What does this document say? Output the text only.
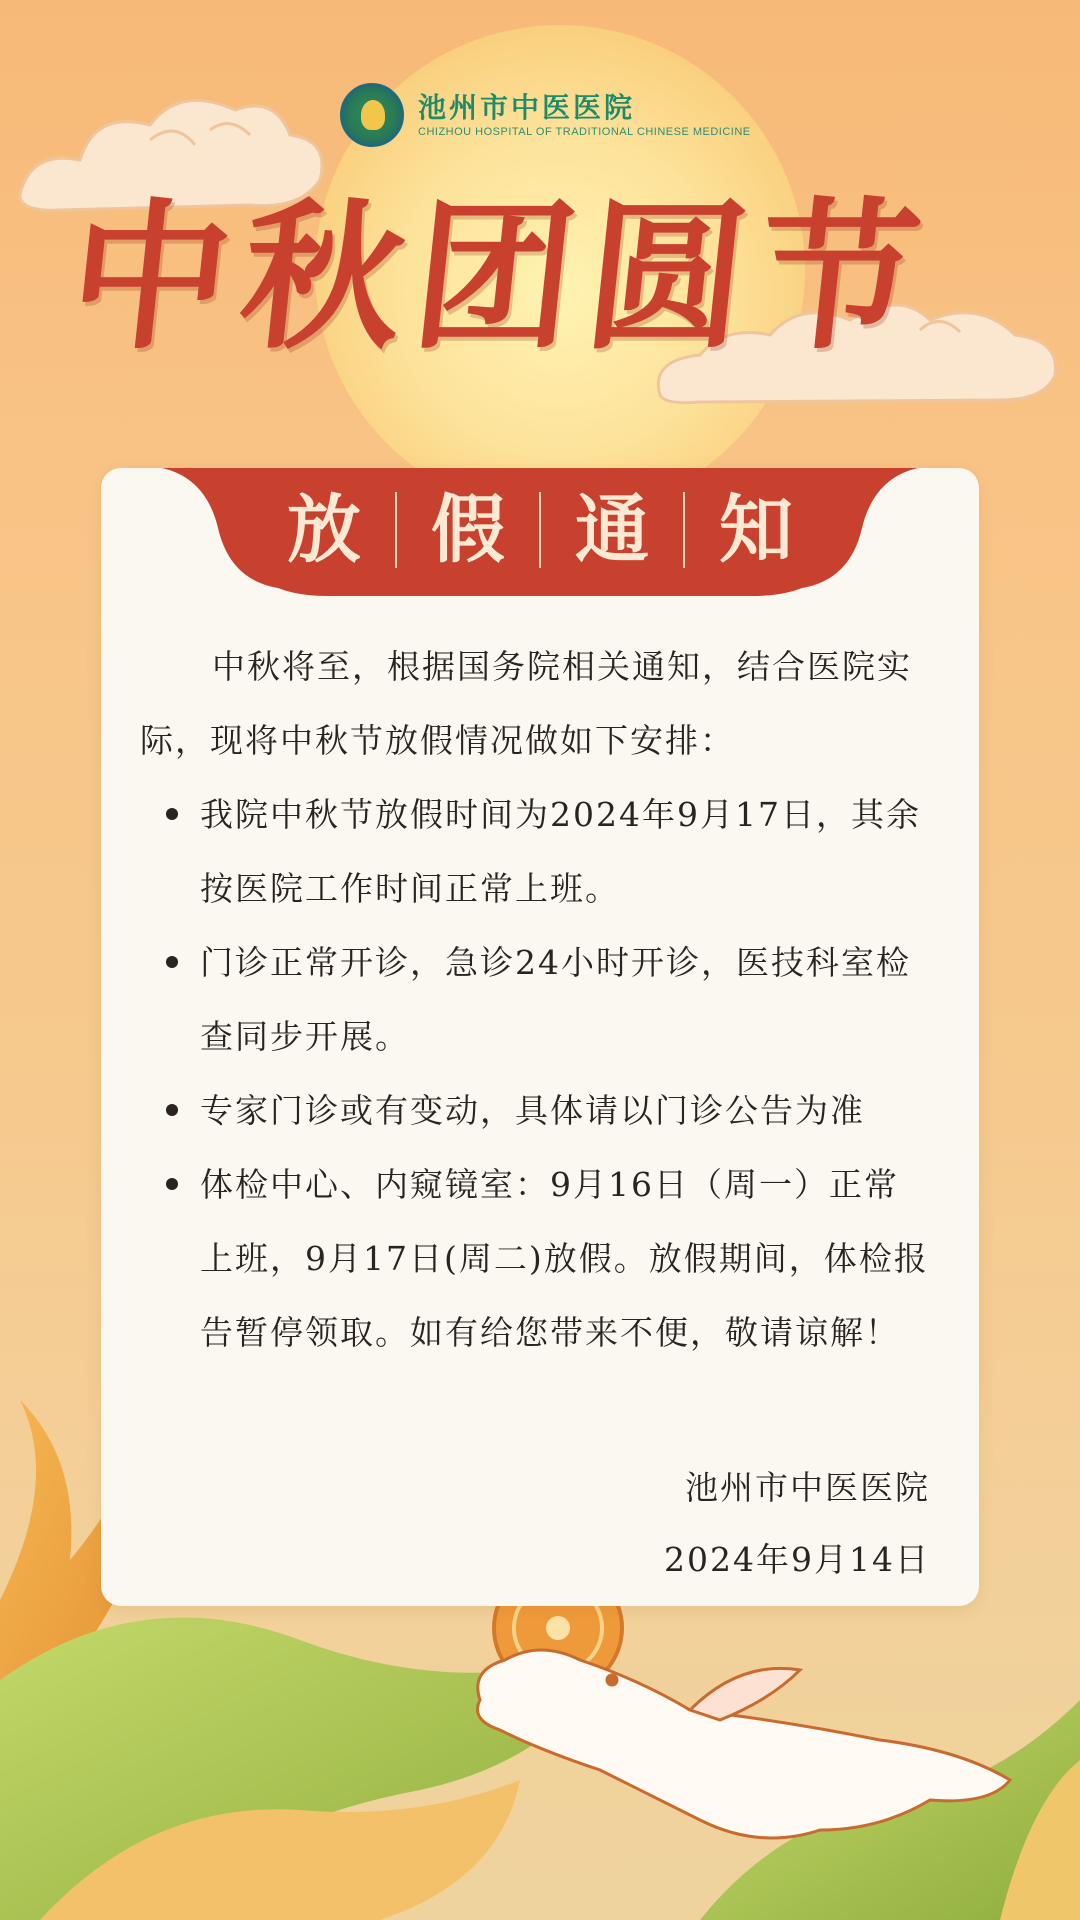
池州市中医医院
CHIZHOU HOSPITAL OF TRADITIONAL CHINESE MEDICINE
中秋团圆节
放 假 通 知

中秋将至，根据国务院相关通知，结合医院实际，现将中秋节放假情况做如下安排：

我院中秋节放假时间为2024年9月17日，其余按医院工作时间正常上班。
门诊正常开诊，急诊24小时开诊，医技科室检查同步开展。
专家门诊或有变动，具体请以门诊公告为准
体检中心、内窥镜室：9月16日（周一）正常上班，9月17日(周二)放假。放假期间，体检报告暂停领取。如有给您带来不便，敬请谅解！
池州市中医医院
2024年9月14日
